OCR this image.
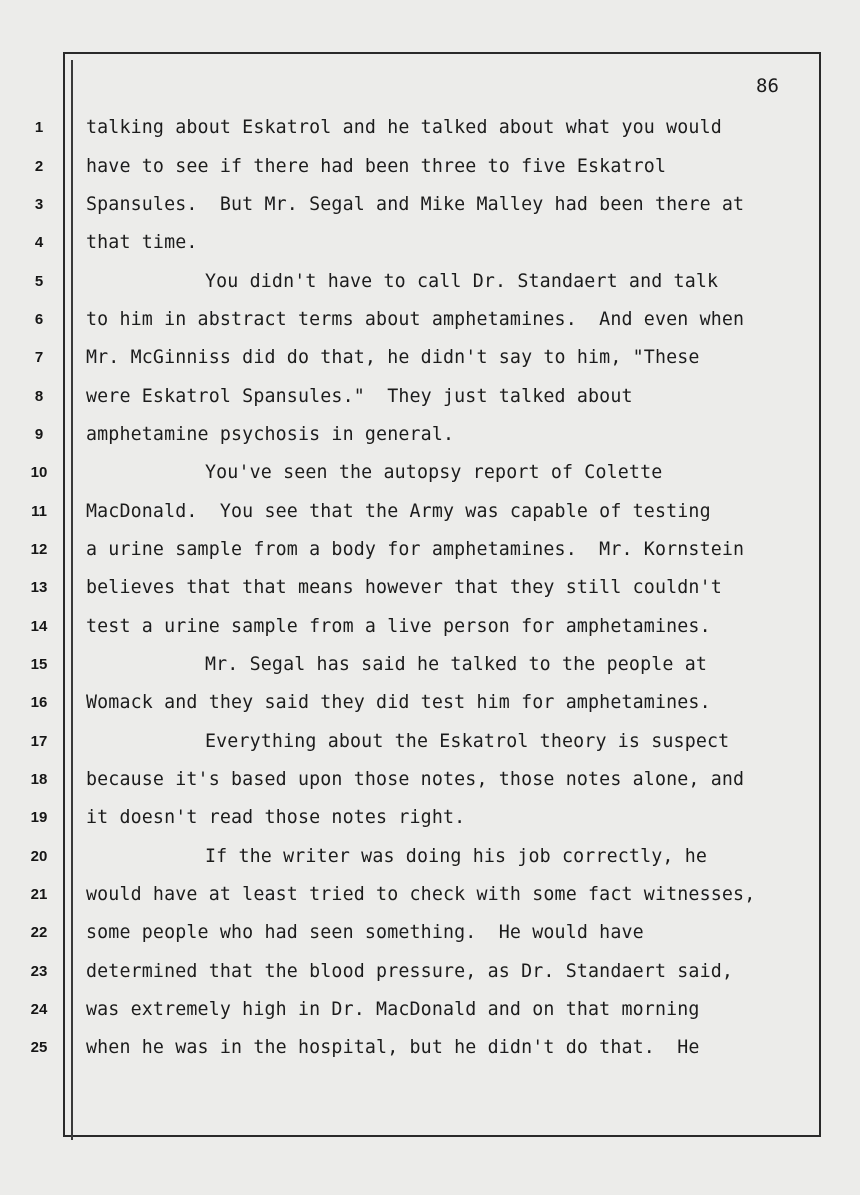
86
1
2
3
4
5
6
7
8
9
10
11
12
13
14
15
16
17
18
19
20
21
22
23
24
25
talking about Eskatrol and he talked about what you would
have to see if there had been three to five Eskatrol
Spansules.  But Mr. Segal and Mike Malley had been there at
that time.
You didn't have to call Dr. Standaert and talk
to him in abstract terms about amphetamines.  And even when
Mr. McGinniss did do that, he didn't say to him, "These
were Eskatrol Spansules."  They just talked about
amphetamine psychosis in general.
You've seen the autopsy report of Colette
MacDonald.  You see that the Army was capable of testing
a urine sample from a body for amphetamines.  Mr. Kornstein
believes that that means however that they still couldn't
test a urine sample from a live person for amphetamines.
Mr. Segal has said he talked to the people at
Womack and they said they did test him for amphetamines.
Everything about the Eskatrol theory is suspect
because it's based upon those notes, those notes alone, and
it doesn't read those notes right.
If the writer was doing his job correctly, he
would have at least tried to check with some fact witnesses,
some people who had seen something.  He would have
determined that the blood pressure, as Dr. Standaert said,
was extremely high in Dr. MacDonald and on that morning
when he was in the hospital, but he didn't do that.  He
